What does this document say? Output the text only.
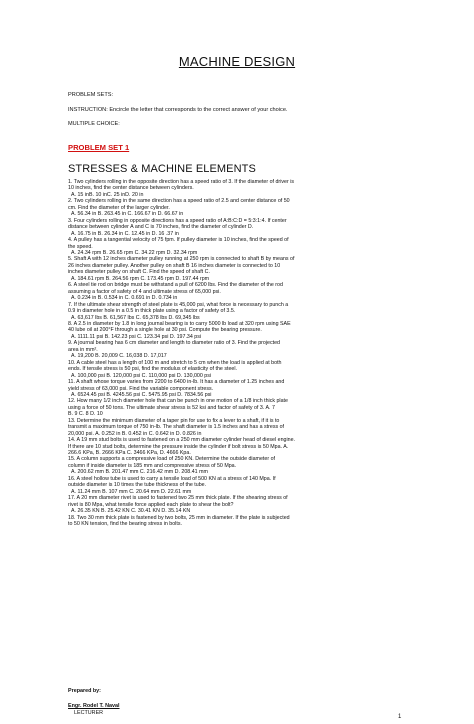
MACHINE DESIGN
PROBLEM SETS:
INSTRUCTION: Encircle the letter that corresponds to the correct answer of your choice.
MULTIPLE CHOICE:
PROBLEM SET 1
STRESSES & MACHINE ELEMENTS
1. Two cylinders rolling in the opposite direction has a speed ratio of 3. If the diameter of driver is
10 inches, find the center distance between cylinders.
A. 15 inB. 10 inC. 25 inD. 20 in
2. Two cylinders rolling in the same direction has a speed ratio of 2.5 and center distance of 50
cm. Find the diameter of the larger cylinder.
A. 56.34 in B. 263.45 in C. 166.67 in D. 66.67 in
3. Four cylinders rolling in opposite directions has a speed ratio of A:B:C:D = 5:3:1:4. If center
distance between cylinder A and C is 70 inches, find the diameter of cylinder D.
A. 16.75 in B. 26.34 in C. 12.45 in D. 16 .37 in
4. A pulley has a tangential velocity of 75 fpm. If pulley diameter is 10 inches, find the speed of
the speed.
A. 24.34 rpm B. 26.65 rpm C. 34.22 rpm D. 32.34 rpm
5. Shaft A with 12 inches diameter pulley running at 250 rpm is connected to shaft B by means of
26 inches diameter pulley. Another pulley on shaft B 16 inches diameter is connected to 10
inches diameter pulley on shaft C. Find the speed of shaft C.
A. 184.61 rpm B. 264.56 rpm C. 173.45 rpm D. 197.44 rpm
6. A steel tie rod on bridge must be withstand a pull of 6200 lbs. Find the diameter of the rod
assuming a factor of safety of 4 and ultimate stress of 65,000 psi.
A. 0.234 in B. 0.534 in C. 0.691 in D. 0.734 in
7. If the ultimate shear strength of steel plate is 45,000 psi, what force is necessary to punch a
0.9 in diameter hole in a 0.5 in thick plate using a factor of safety of 3.5.
A. 63,617 lbs B. 61,567 lbs C. 65,378 lbs D. 69,345 lbs
8. A 2.5 in diameter by 1.8 in long journal bearing is to carry 5000 lb load at 320 rpm using SAE
40 lube oil at 200°F through a single hole at 30 psi. Compute the bearing pressure.
A. 1111.11 psi B. 142.23 psi C. 123.34 psi D. 197.34 psi
9. A journal bearing has 6 cm diameter and length to diameter ratio of 3. Find the projected
area in mm².
A. 19,200 B. 20,009 C. 16,038 D. 17,017
10. A cable steel has a length of 100 m and stretch to 5 cm when the load is applied at both
ends. If tensile stress is 50 psi, find the modulus of elasticity of the steel.
A. 100,000 psi B. 120,000 psi C. 110,000 psi D. 130,000 psi
11. A shaft whose torque varies from 2200 to 6400 in-lb. It has a diameter of 1.25 inches and
yield stress of 63,000 psi. Find the variable component stress.
A. 6524.45 psi B. 4245.56 psi C. 5475.95 psi D. 7834.56 psi
12. How many 1/2 inch diameter hole that can be punch in one motion of a 1/8 inch thick plate
using a force of 50 tons. The ultimate shear stress is 52 ksi and factor of safety of 3. A. 7
B. 9 C. 8 D. 10
13. Determine the minimum diameter of a taper pin for use to fix a lever to a shaft, if it is to
transmit a maximum torque of 750 in-lb. The shaft diameter is 1.5 inches and has a stress of
20,000 psi. A. 0.252 in B. 0.452 in C. 0.642 in D. 0.826 in
14. A 19 mm stud bolts is used to fastened on a 250 mm diameter cylinder head of diesel engine.
If there are 10 stud bolts, determine the pressure inside the cylinder if bolt stress is 50 Mpa. A.
266.6 KPa, B. 2666 KPa C. 3466 KPa, D. 4666 Kpa.
15. A column supports a compressive load of 250 KN. Determine the outside diameter of
column if inside diameter is 185 mm and compressive stress of 50 Mpa.
A. 200.62 mm B. 201.47 mm C. 216.42 mm D. 208.41 mm
16. A steel hollow tube is used to carry a tensile load of 500 KN at a stress of 140 Mpa. If
outside diameter is 10 times the tube thickness of the tube.
A. 11.24 mm B. 107 mm C. 20.64 mm D. 22.61 mm
17. A 20 mm diameter rivet is used to fastened two 25 mm thick plate. If the shearing stress of
rivet is 80 Mpa, what tensile force applied each plate to shear the bolt?
A. 26.35 KN B. 25.42 KN C. 30.41 KN D. 35.14 KN
18. Two 30 mm thick plate is fastened by two bolts, 25 mm in diameter. If the plate is subjected
to 50 KN tension, find the bearing stress in bolts.
Prepared by:
Engr. Rodel T. Naval
LECTURER
1
